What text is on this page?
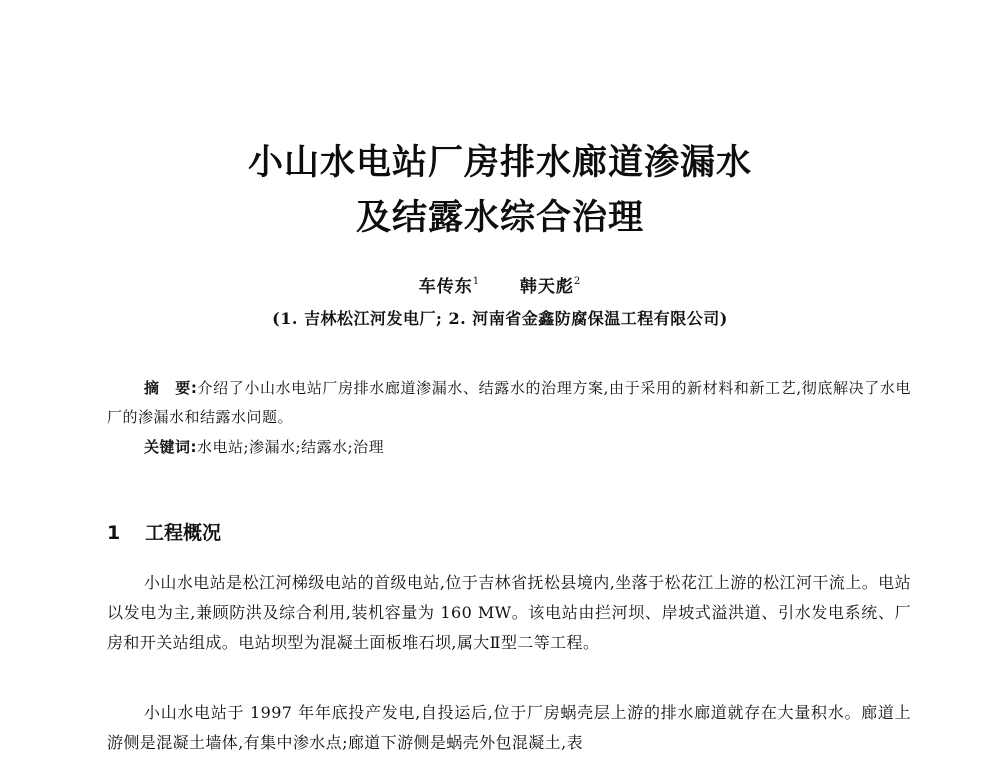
小山水电站厂房排水廊道渗漏水
及结露水综合治理
车传东$^1$ 韩天彪$^2$
(1. 吉林松江河发电厂; 2. 河南省金鑫防腐保温工程有限公司)
摘　要:介绍了小山水电站厂房排水廊道渗漏水、结露水的治理方案,由于采用的新材料和新工艺,彻底解决了水电厂的渗漏水和结露水问题。
关键词:水电站;渗漏水;结露水;治理
1 工程概况
小山水电站是松江河梯级电站的首级电站,位于吉林省抚松县境内,坐落于松花江上游的松江河干流上。电站以发电为主,兼顾防洪及综合利用,装机容量为 160 MW。该电站由拦河坝、岸坡式溢洪道、引水发电系统、厂房和开关站组成。电站坝型为混凝土面板堆石坝,属大Ⅱ型二等工程。
小山水电站于 1997 年年底投产发电,自投运后,位于厂房蜗壳层上游的排水廊道就存在大量积水。廊道上游侧是混凝土墙体,有集中渗水点;廊道下游侧是蜗壳外包混凝土,表
